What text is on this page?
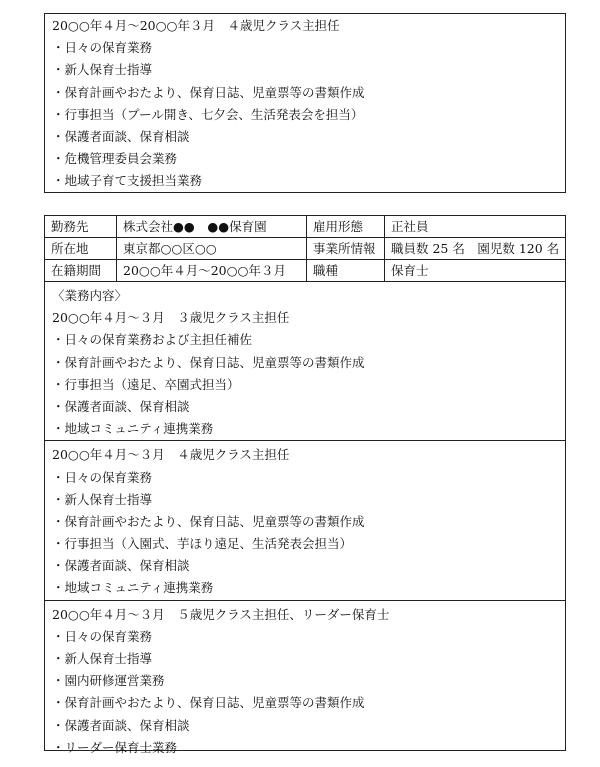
20○○年４月～20○○年３月　４歳児クラス主担任
・日々の保育業務
・新人保育士指導
・保育計画やおたより、保育日誌、児童票等の書類作成
・行事担当（プール開き、七夕会、生活発表会を担当）
・保護者面談、保育相談
・危機管理委員会業務
・地域子育て支援担当業務
勤務先	株式会社●●　●●保育園	雇用形態	正社員
所在地	東京都○○区○○	事業所情報	職員数 25 名　園児数 120 名
在籍期間	20○○年４月～20○○年３月	職種	保育士
〈業務内容〉
20○○年４月～３月　３歳児クラス主担任
・日々の保育業務および主担任補佐
・保育計画やおたより、保育日誌、児童票等の書類作成
・行事担当（遠足、卒園式担当）
・保護者面談、保育相談
・地域コミュニティ連携業務
20○○年４月～３月　４歳児クラス主担任
・日々の保育業務
・新人保育士指導
・保育計画やおたより、保育日誌、児童票等の書類作成
・行事担当（入園式、芋ほり遠足、生活発表会担当）
・保護者面談、保育相談
・地域コミュニティ連携業務
20○○年４月～３月　５歳児クラス主担任、リーダー保育士
・日々の保育業務
・新人保育士指導
・園内研修運営業務
・保育計画やおたより、保育日誌、児童票等の書類作成
・保護者面談、保育相談
・リーダー保育士業務
